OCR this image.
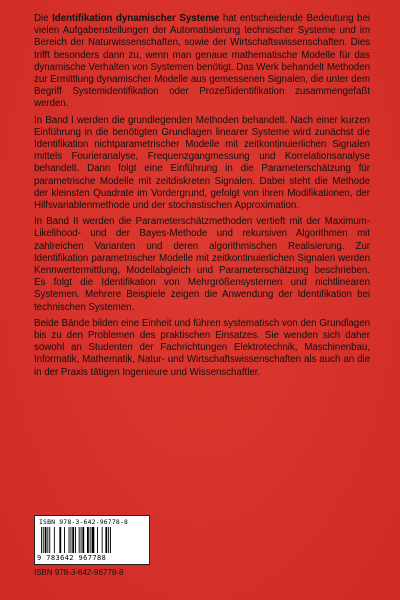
Die Identifikation dynamischer Systeme hat entscheidende Bedeutung bei vielen Aufgabenstellungen der Automatisierung technischer Systeme und im Bereich der Naturwissenschaften, sowie der Wirtschaftswissenschaften. Dies trifft besonders dann zu, wenn man genaue mathematische Modelle für das dynamische Verhalten von Systemen benötigt. Das Werk behandelt Methoden zur Ermittlung dynamischer Modelle aus gemessenen Signalen, die unter dem Begriff Systemidentifikation oder Prozeßidentifikation zusammengefaßt werden.

In Band I werden die grundlegenden Methoden behandelt. Nach einer kurzen Einführung in die benötigten Grundlagen linearer Systeme wird zunächst die Identifikation nichtparametrischer Modelle mit zeitkontinuierlichen Signalen mittels Fourieranalyse, Frequenzgangmessung und Korrelationsanalyse behandelt. Dann folgt eine Einführung in die Parameterschätzung für parametrische Modelle mit zeitdiskreten Signalen. Dabei steht die Methode der kleinsten Quadrate im Vordergrund, gefolgt von ihren Modifikationen, der Hilfsvariablenmethode und der stochastischen Approximation.

In Band II werden die Parameterschätzmethoden vertieft mit der Maximum-Likelihood- und der Bayes-Methode und rekursiven Algorithmen mit zahlreichen Varianten und deren algorithmischen Realisierung. Zur Identifikation parametrischer Modelle mit zeitkontinuierlichen Signalen werden Kennwertermittlung, Modellabgleich und Parameterschätzung beschrieben. Es folgt die Identifikation von Mehrgrößensystemen und nichtlinearen Systemen. Mehrere Beispiele zeigen die Anwendung der Identifikation bei technischen Systemen.

Beide Bände bilden eine Einheit und führen systematisch von den Grundlagen bis zu den Problemen des praktischen Einsatzes. Sie wenden sich daher sowohl an Studenten der Fachrichtungen Elektrotechnik, Maschinenbau, Informatik, Mathematik, Natur- und Wirtschaftswissenschaften als auch an die in der Praxis tätigen Ingenieure und Wissenschaftler.

ISBN 978-3-642-96778-8
9 783642 967788
ISBN 978-3-642-96778-8
